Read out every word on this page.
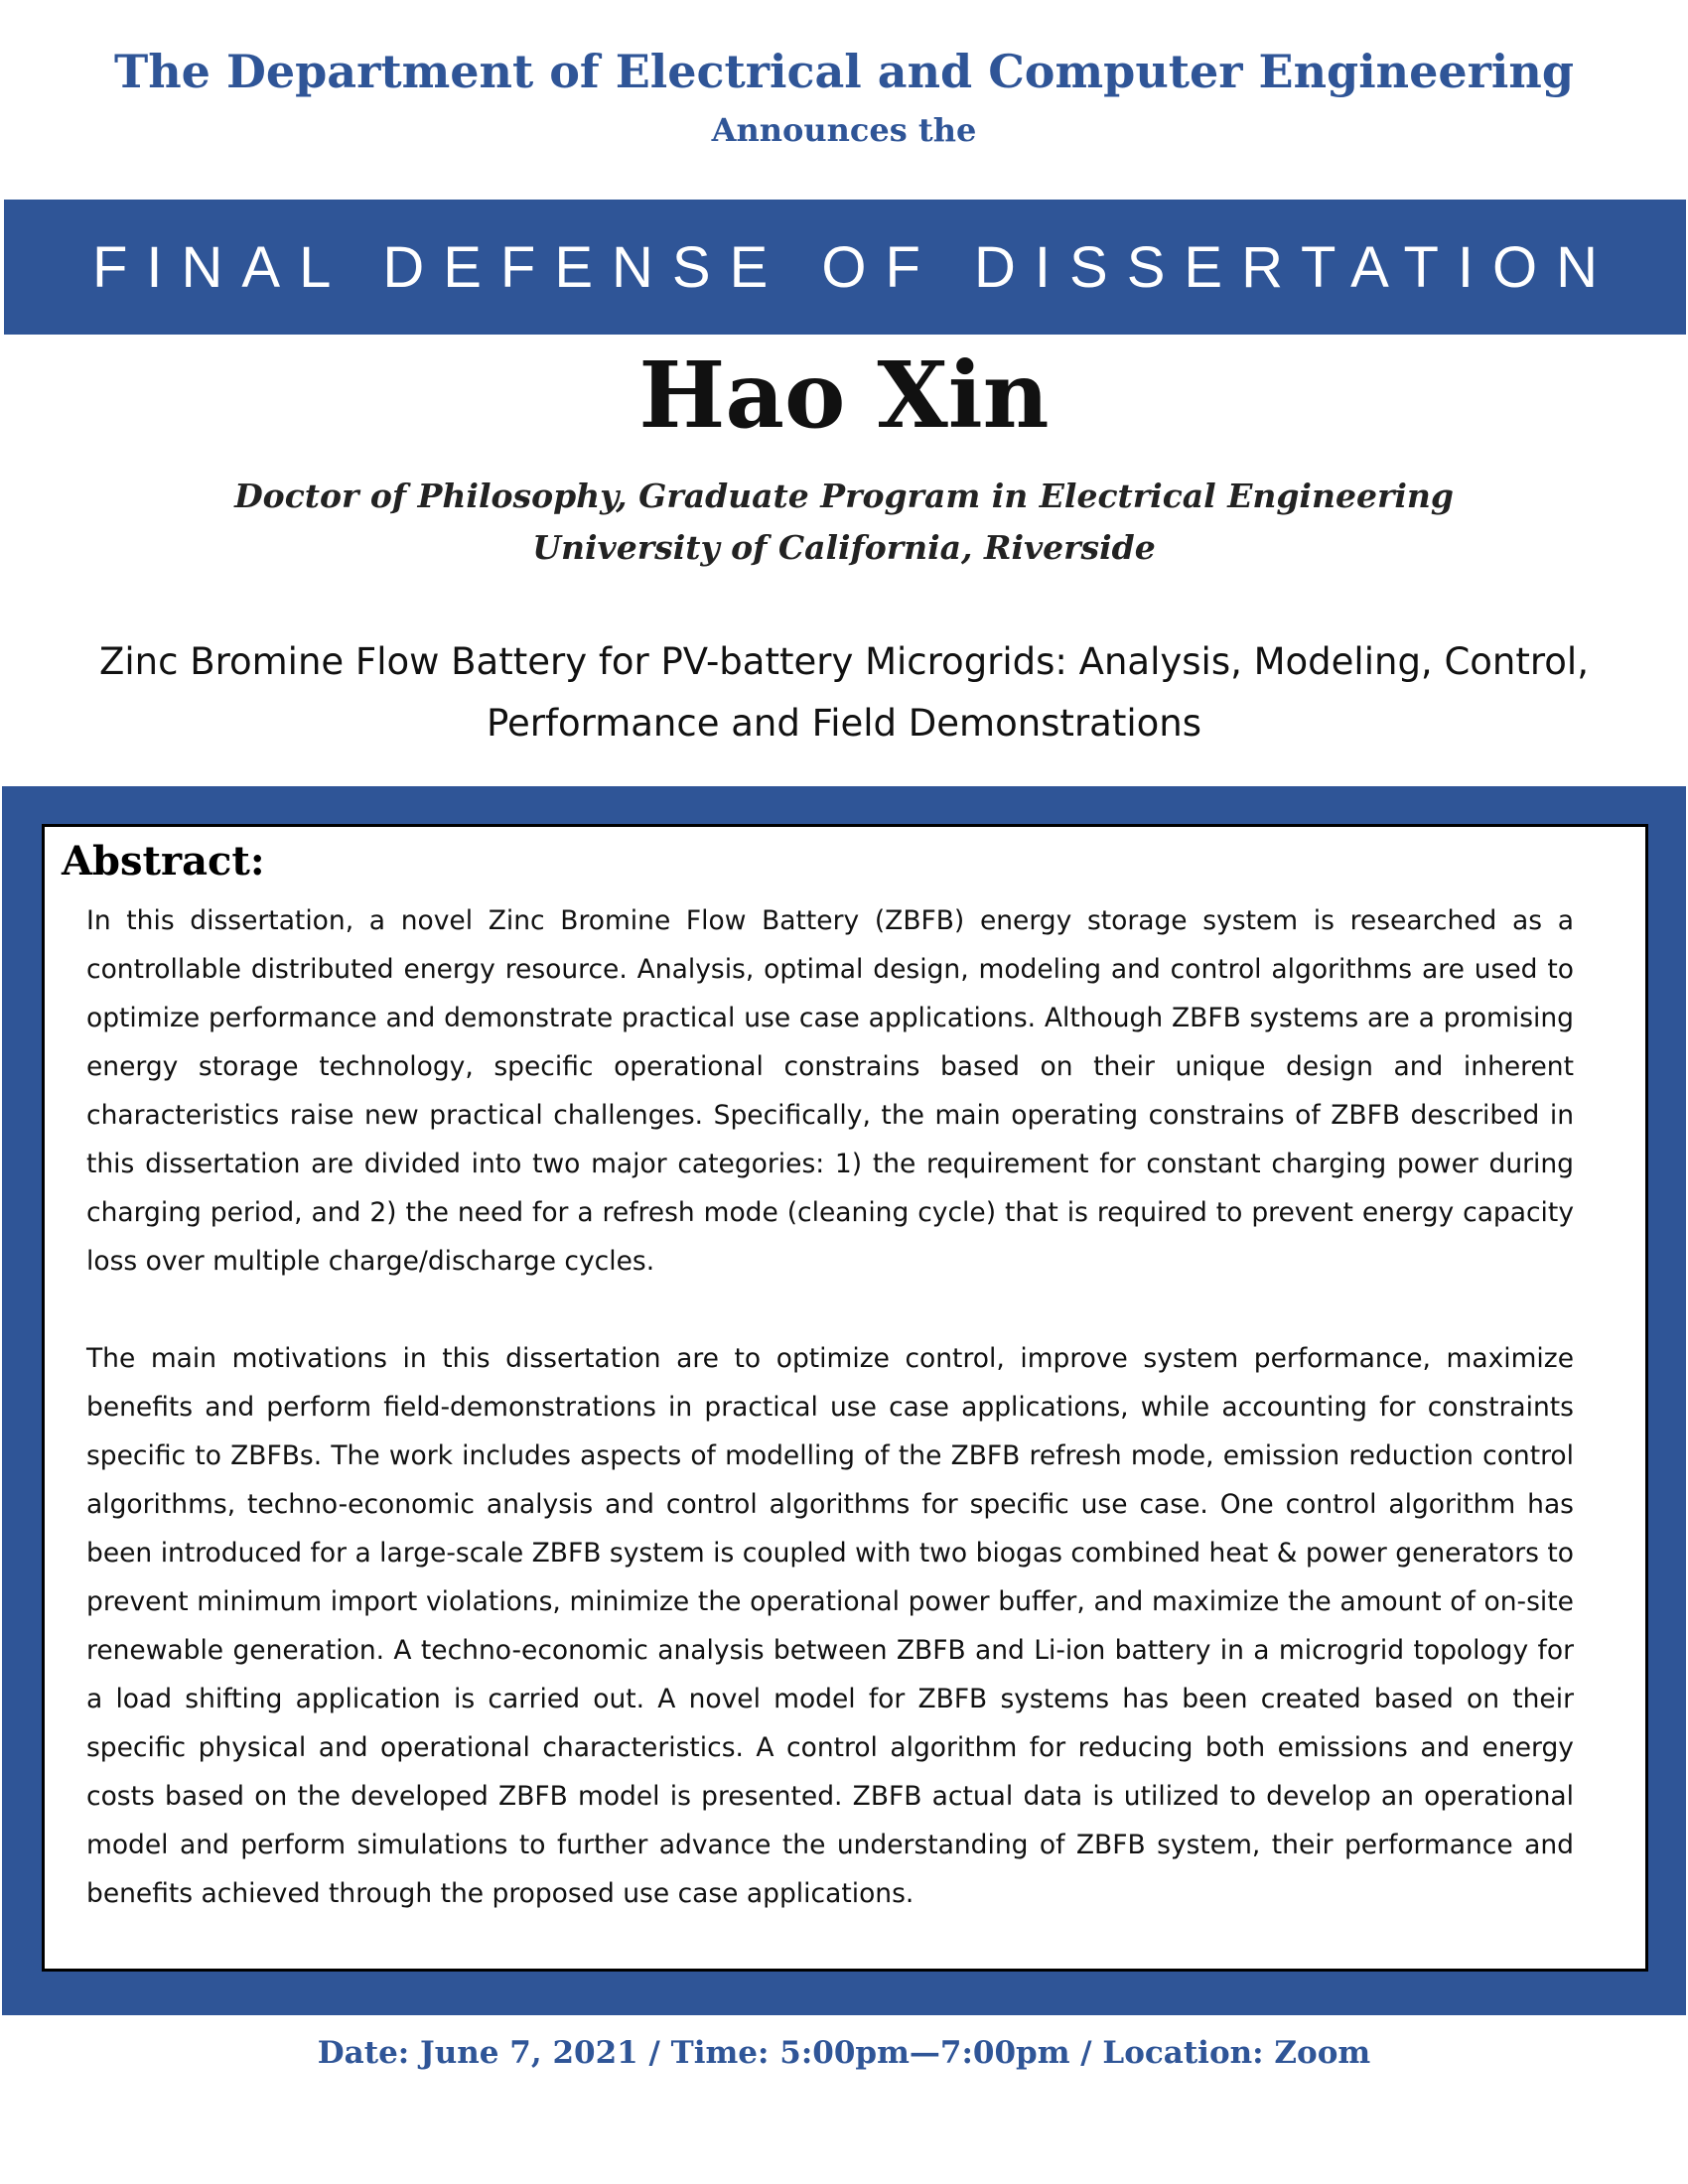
The Department of Electrical and Computer Engineering
Announces the
FINAL DEFENSE OF DISSERTATION
Hao Xin
Doctor of Philosophy, Graduate Program in Electrical Engineering
University of California, Riverside
Zinc Bromine Flow Battery for PV-battery Microgrids: Analysis, Modeling, Control,
Performance and Field Demonstrations
Abstract:

In this dissertation, a novel Zinc Bromine Flow Battery (ZBFB) energy storage system is researched as a controllable distributed energy resource. Analysis, optimal design, modeling and control algorithms are used to optimize performance and demonstrate practical use case applications. Although ZBFB systems are a promising energy storage technology, specific operational constrains based on their unique design and inherent characteristics raise new practical challenges. Specifically, the main operating constrains of ZBFB described in this dissertation are divided into two major categories: 1) the requirement for constant charging power during charging period, and 2) the need for a refresh mode (cleaning cycle) that is required to prevent energy capacity loss over multiple charge/discharge cycles.

The main motivations in this dissertation are to optimize control, improve system performance, maximize benefits and perform field-demonstrations in practical use case applications, while accounting for constraints specific to ZBFBs. The work includes aspects of modelling of the ZBFB refresh mode, emission reduction control algorithms, techno-economic analysis and control algorithms for specific use case. One control algorithm has been introduced for a large-scale ZBFB system is coupled with two biogas combined heat & power generators to prevent minimum import violations, minimize the operational power buffer, and maximize the amount of on-site renewable generation. A techno-economic analysis between ZBFB and Li-ion battery in a microgrid topology for a load shifting application is carried out. A novel model for ZBFB systems has been created based on their specific physical and operational characteristics. A control algorithm for reducing both emissions and energy costs based on the developed ZBFB model is presented. ZBFB actual data is utilized to develop an operational model and perform simulations to further advance the understanding of ZBFB system, their performance and benefits achieved through the proposed use case applications.

Date: June 7, 2021 / Time: 5:00pm—7:00pm / Location: Zoom
